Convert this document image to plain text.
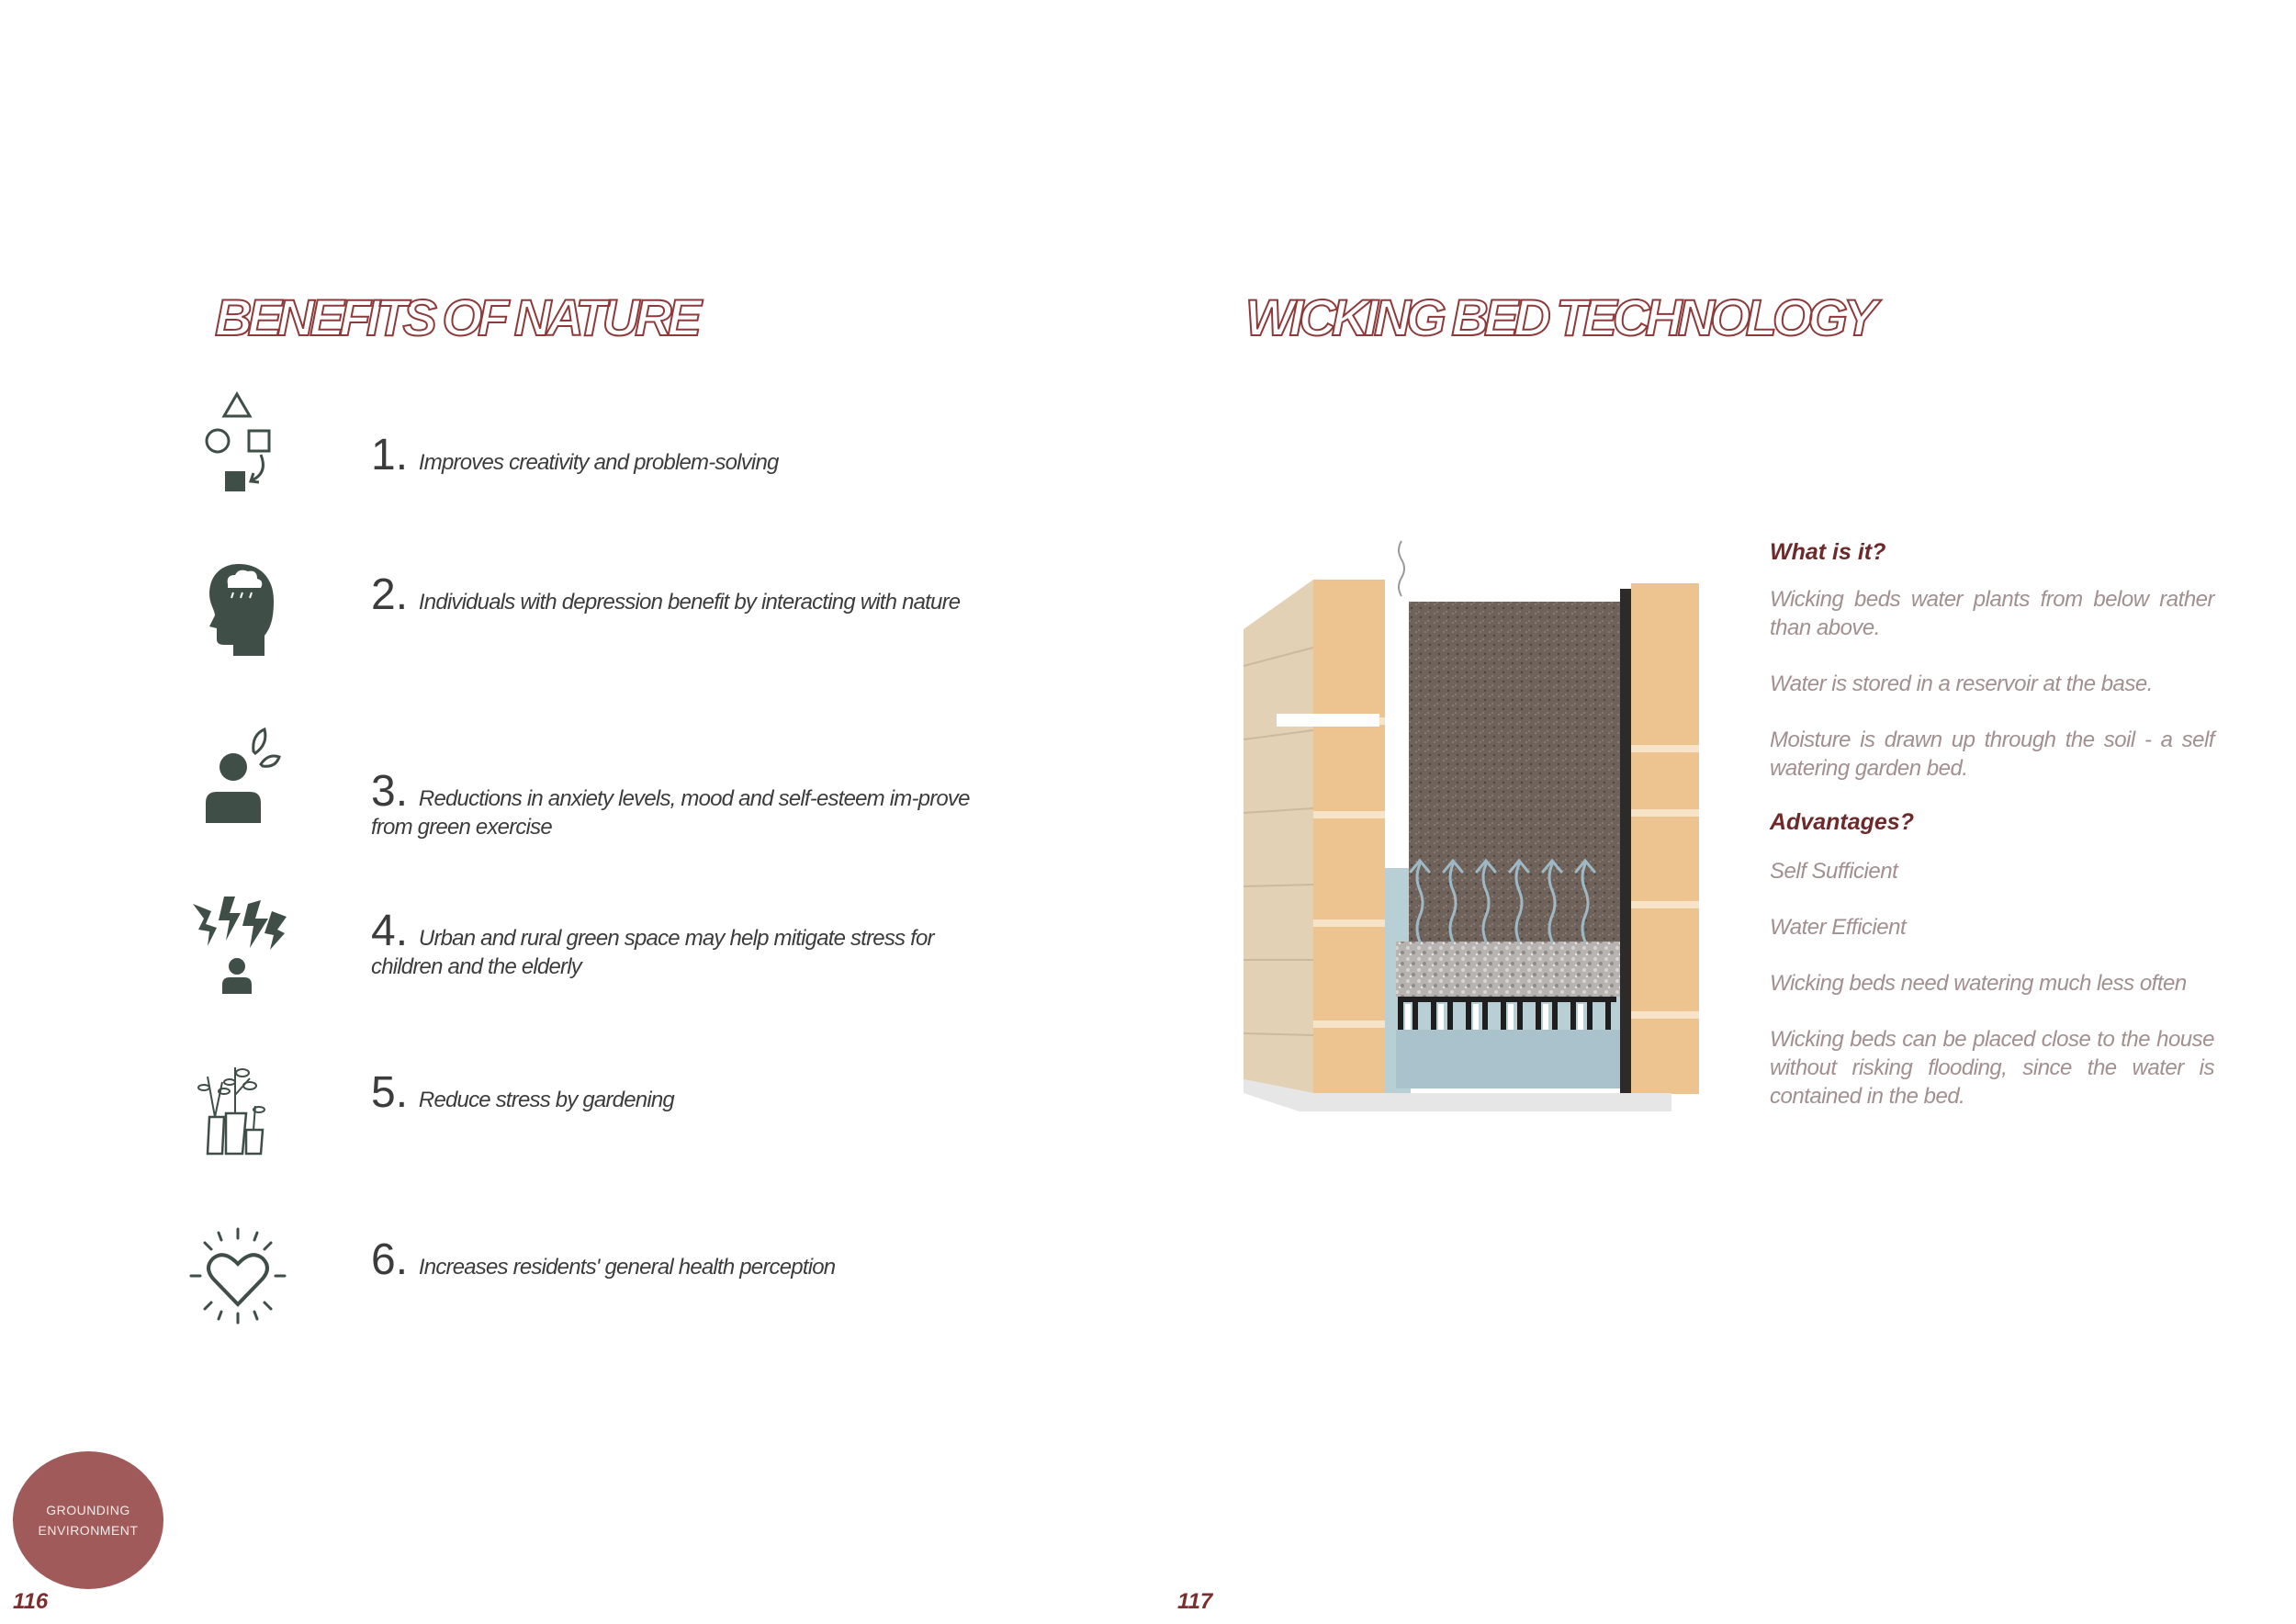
BENEFITS OF NATURE	WICKING BED TECHNOLOGY
1. Improves creativity and problem-solving
2. Individuals with depression benefit by interacting with nature
3. Reductions in anxiety levels, mood and self-esteem im-prove from green exercise
4. Urban and rural green space may help mitigate stress for children and the elderly
5. Reduce stress by gardening
6. Increases residents' general health perception

What is it?

Wicking beds water plants from below rather than above.

Water is stored in a reservoir at the base.

Moisture is drawn up through the soil - a self watering garden bed.

Advantages?

Self Sufficient

Water Efficient

Wicking beds need watering much less often

Wicking beds can be placed close to the house without risking flooding, since the water is contained in the bed.

GROUNDING
ENVIRONMENT
116	117
